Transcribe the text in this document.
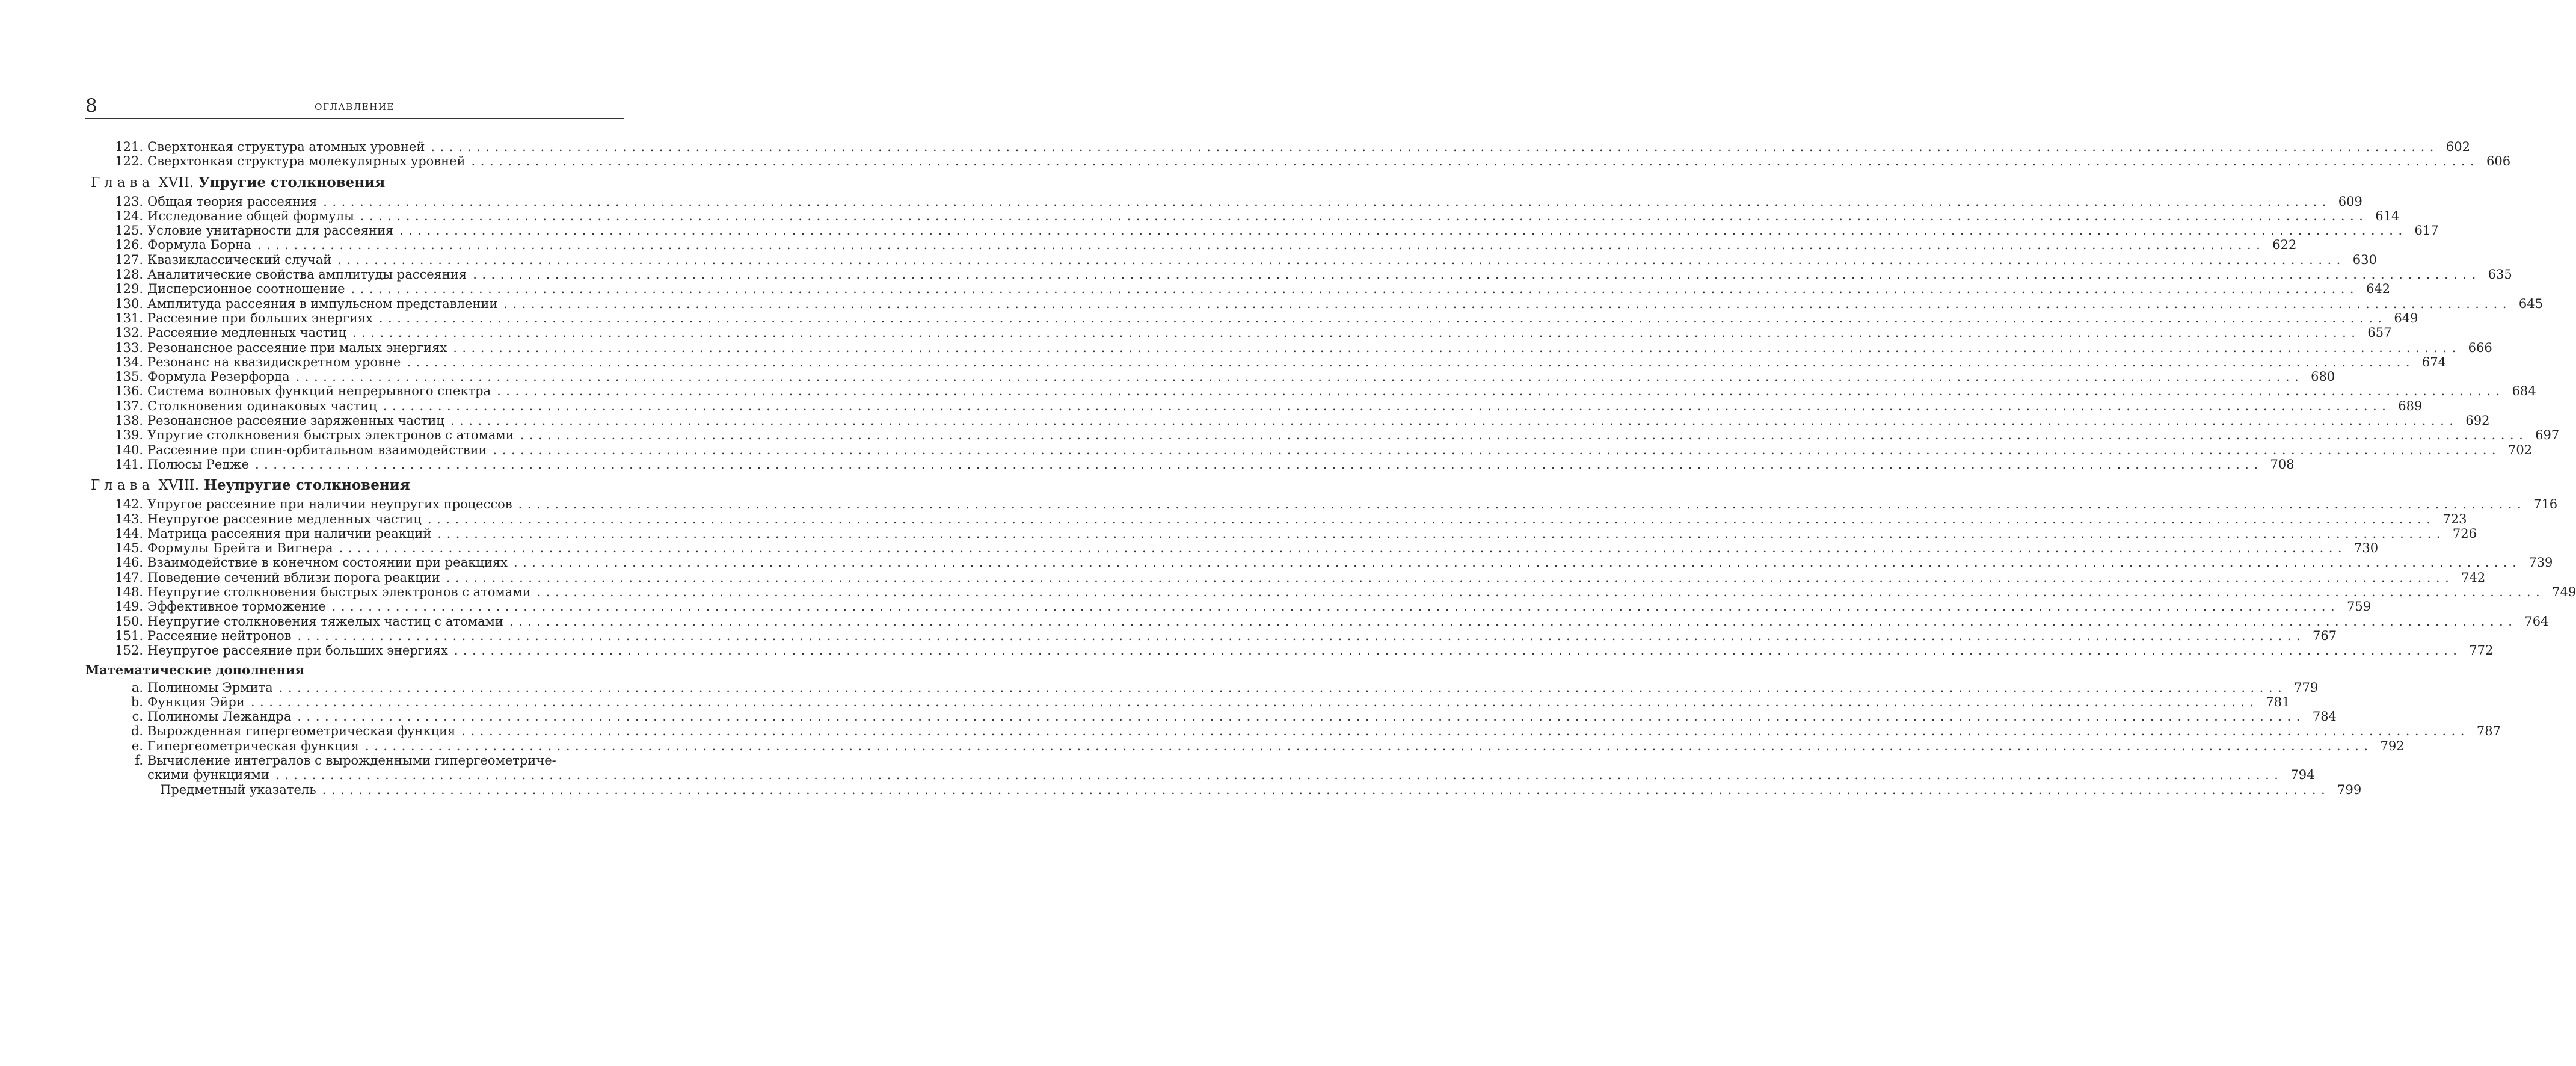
8	ОГЛАВЛЕНИЕ
121. Сверхтонкая структура атомных уровней ............................................................................................................................................................................................................................ 602
122. Сверхтонкая структура молекулярных уровней ............................................................................................................................................................................................................................ 606
Глава XVII. Упругие столкновения
123. Общая теория рассеяния ............................................................................................................................................................................................................................ 609
124. Исследование общей формулы ............................................................................................................................................................................................................................ 614
125. Условие унитарности для рассеяния ............................................................................................................................................................................................................................ 617
126. Формула Борна ............................................................................................................................................................................................................................ 622
127. Квазиклассический случай ............................................................................................................................................................................................................................ 630
128. Аналитические свойства амплитуды рассеяния ............................................................................................................................................................................................................................ 635
129. Дисперсионное соотношение ............................................................................................................................................................................................................................ 642
130. Амплитуда рассеяния в импульсном представлении ............................................................................................................................................................................................................................ 645
131. Рассеяние при больших энергиях ............................................................................................................................................................................................................................ 649
132. Рассеяние медленных частиц ............................................................................................................................................................................................................................ 657
133. Резонансное рассеяние при малых энергиях ............................................................................................................................................................................................................................ 666
134. Резонанс на квазидискретном уровне ............................................................................................................................................................................................................................ 674
135. Формула Резерфорда ............................................................................................................................................................................................................................ 680
136. Система волновых функций непрерывного спектра ............................................................................................................................................................................................................................ 684
137. Столкновения одинаковых частиц ............................................................................................................................................................................................................................ 689
138. Резонансное рассеяние заряженных частиц ............................................................................................................................................................................................................................ 692
139. Упругие столкновения быстрых электронов с атомами ............................................................................................................................................................................................................................ 697
140. Рассеяние при спин-орбитальном взаимодействии ............................................................................................................................................................................................................................ 702
141. Полюсы Редже ............................................................................................................................................................................................................................ 708
Глава XVIII. Неупругие столкновения
142. Упругое рассеяние при наличии неупругих процессов ............................................................................................................................................................................................................................ 716
143. Неупругое рассеяние медленных частиц ............................................................................................................................................................................................................................ 723
144. Матрица рассеяния при наличии реакций ............................................................................................................................................................................................................................ 726
145. Формулы Брейта и Вигнера ............................................................................................................................................................................................................................ 730
146. Взаимодействие в конечном состоянии при реакциях ............................................................................................................................................................................................................................ 739
147. Поведение сечений вблизи порога реакции ............................................................................................................................................................................................................................ 742
148. Неупругие столкновения быстрых электронов с атомами ............................................................................................................................................................................................................................ 749
149. Эффективное торможение ............................................................................................................................................................................................................................ 759
150. Неупругие столкновения тяжелых частиц с атомами ............................................................................................................................................................................................................................ 764
151. Рассеяние нейтронов ............................................................................................................................................................................................................................ 767
152. Неупругое рассеяние при больших энергиях ............................................................................................................................................................................................................................ 772
Математические дополнения
a. Полиномы Эрмита ............................................................................................................................................................................................................................ 779
b. Функция Эйри ............................................................................................................................................................................................................................ 781
c. Полиномы Лежандра ............................................................................................................................................................................................................................ 784
d. Вырожденная гипергеометрическая функция ............................................................................................................................................................................................................................ 787
e. Гипергеометрическая функция ............................................................................................................................................................................................................................ 792
f. Вычисление интегралов с вырожденными гипергеометриче-
скими функциями ............................................................................................................................................................................................................................ 794
Предметный указатель ............................................................................................................................................................................................................................ 799
